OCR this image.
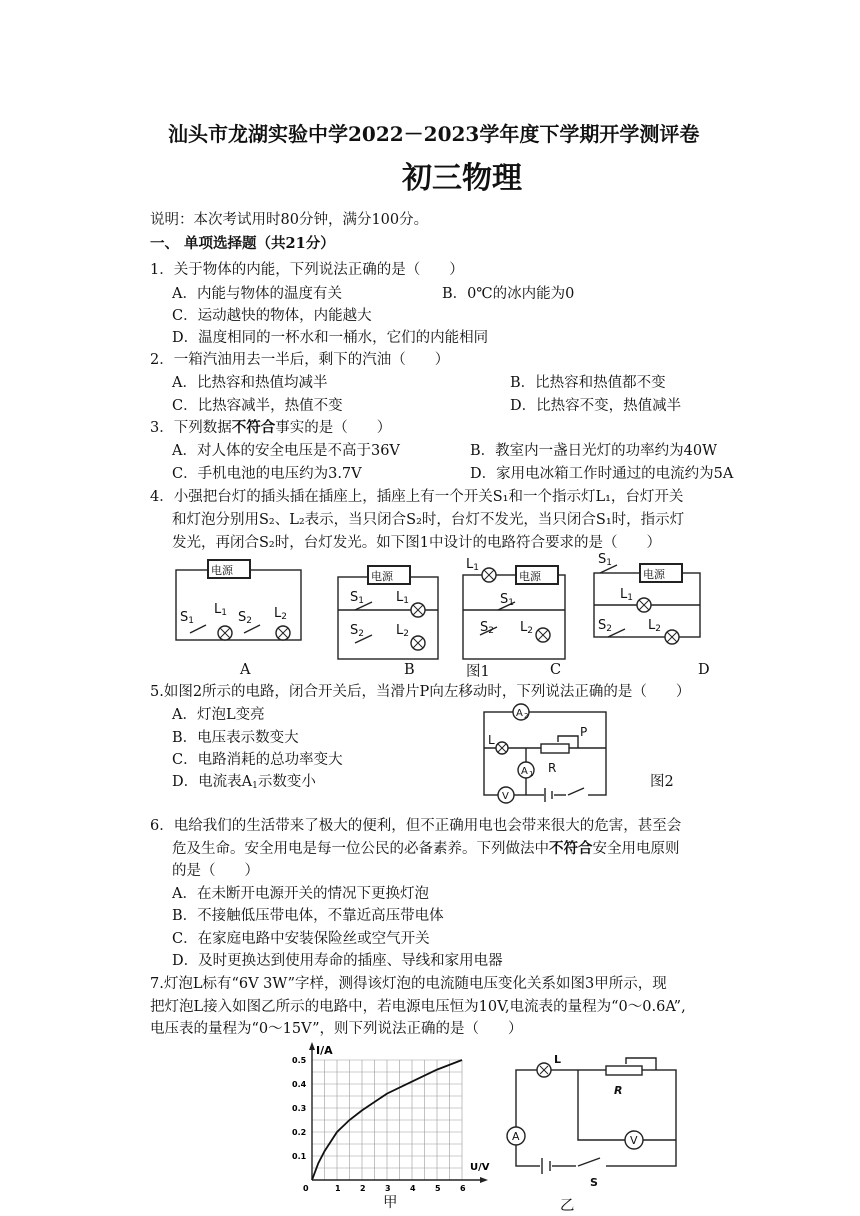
汕头市龙湖实验中学2022－2023学年度下学期开学测评卷
初三物理
说明：本次考试用时80分钟，满分100分。
一、 单项选择题（共21分）
1．关于物体的内能，下列说法正确的是（　　）
A．内能与物体的温度有关	B．0℃的冰内能为0
C．运动越快的物体，内能越大
D．温度相同的一杯水和一桶水，它们的内能相同
2．一箱汽油用去一半后，剩下的汽油（　　）
A．比热容和热值均减半	B．比热容和热值都不变
C．比热容减半，热值不变	D．比热容不变，热值减半
3．下列数据不符合事实的是（　　）
A．对人体的安全电压是不高于36V	B．教室内一盏日光灯的功率约为40W
C．手机电池的电压约为3.7V	D．家用电冰箱工作时通过的电流约为5A
4．小强把台灯的插头插在插座上，插座上有一个开关S₁和一个指示灯L₁，台灯开关
和灯泡分别用S₂、L₂表示，当只闭合S₂时，台灯不发光，当只闭合S₁时，指示灯
发光，再闭合S₂时，台灯发光。如下图1中设计的电路符合要求的是（　　）
电源	电源	电源	电源
$S_1$
$L_1$ $S_2$ $L_2$
$S_1$ $L_1$
$S_2$ $L_2$
$L_1$
$S_1$
$S_2$ $L_2$
$S_1$
$L_1$
$S_2$	$L_2$
A	B	图1	C	D
5.如图2所示的电路，闭合开关后，当滑片P向左移动时，下列说法正确的是（　　）
A．灯泡L变亮
B．电压表示数变大
C．电路消耗的总功率变大
D．电流表$A_1$示数变小
A 2
A 1
V
L
P
R
图2
6．电给我们的生活带来了极大的便利，但不正确用电也会带来很大的危害，甚至会
危及生命。安全用电是每一位公民的必备素养。下列做法中不符合安全用电原则
的是（　　）
A．在未断开电源开关的情况下更换灯泡
B．不接触低压带电体，不靠近高压带电体
C．在家庭电路中安装保险丝或空气开关
D．及时更换达到使用寿命的插座、导线和家用电器
7.灯泡L标有“6V 3W”字样，测得该灯泡的电流随电压变化关系如图3甲所示，现
把灯泡L接入如图乙所示的电路中，若电源电压恒为10V,电流表的量程为“0～0.6A”,
电压表的量程为“0～15V”，则下列说法正确的是（　　）
I/A
U/V
0	1 2 3 4 5 6
0.1
0.2
0.3
0.4
0.5
甲
V
A
L
R
S
乙
